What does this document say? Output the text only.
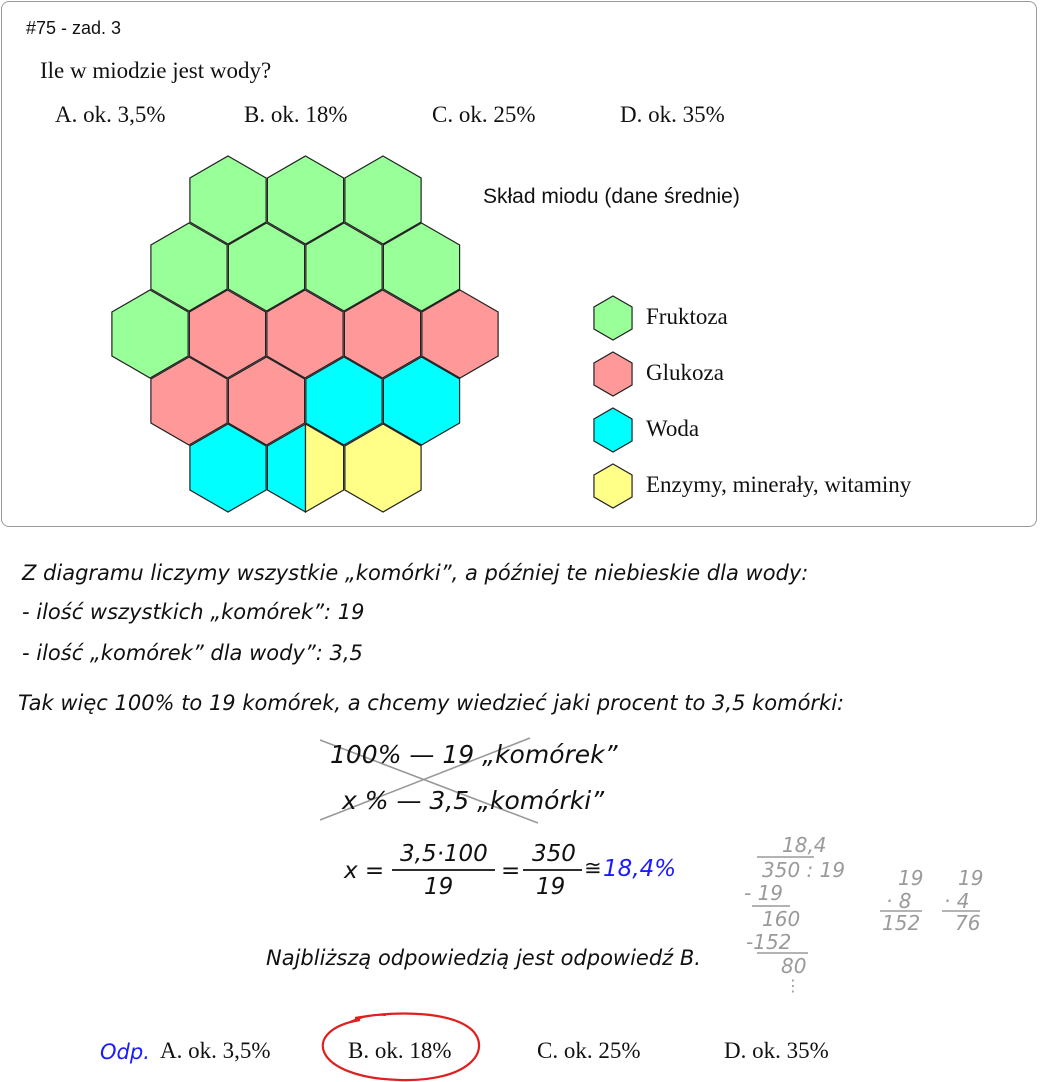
#75 - zad. 3
Ile w miodzie jest wody?
A. ok. 3,5%	B. ok. 18%	C. ok. 25%	D. ok. 35%
Skład miodu (dane średnie)
Fruktoza
Glukoza
Woda
Enzymy, minerały, witaminy
Z diagramu liczymy wszystkie „komórki”, a później te niebieskie dla wody:
- ilość wszystkich „komórek”: 19
- ilość „komórek” dla wody”: 3,5
Tak więc 100% to 19 komórek, a chcemy wiedzieć jaki procent to 3,5 komórki:
100% — 19 „komórek”
x % — 3,5 „komórki”
x =
3,5·100
19
=
350
19
≅ 18,4%
Najbliższą odpowiedzią jest odpowiedź B.
18,4
350 : 19
- 19
160
-152
80
⋮
19
· 8
152
19
· 4
76
Odp. A. ok. 3,5%	B. ok. 18%	C. ok. 25%	D. ok. 35%
